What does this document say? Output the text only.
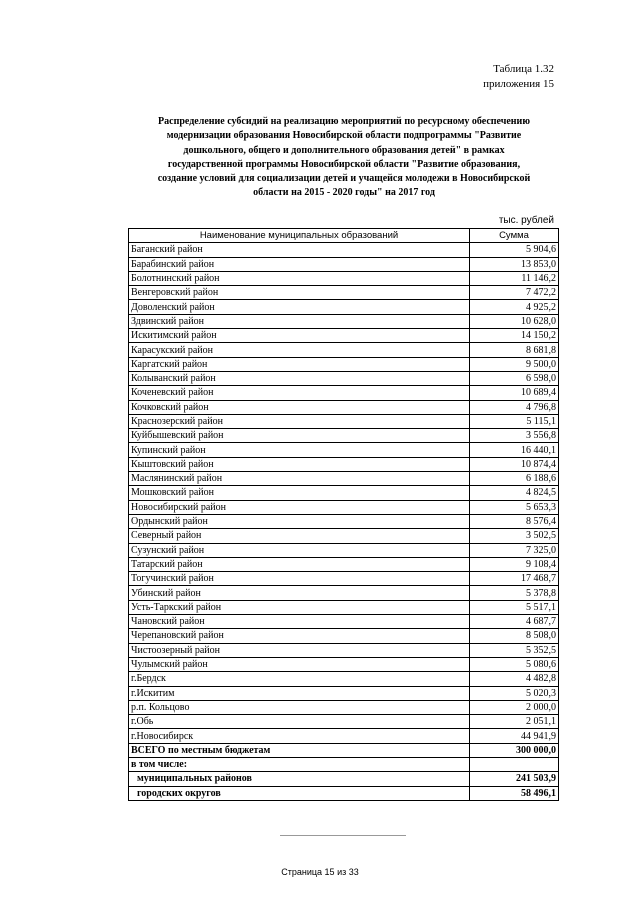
Таблица 1.32
приложения 15
Распределение субсидий на реализацию мероприятий по ресурсному обеспечению
модернизации образования Новосибирской области подпрограммы "Развитие
дошкольного, общего и дополнительного образования детей" в рамках
государственной программы Новосибирской области "Развитие образования,
создание условий для социализации детей и учащейся молодежи в Новосибирской
области на 2015 - 2020 годы" на 2017 год
тыс. рублей
Наименование муниципальных образований	Сумма
Баганский район	5 904,6
Барабинский район	13 853,0
Болотнинский район	11 146,2
Венгеровский район	7 472,2
Доволенский район	4 925,2
Здвинский район	10 628,0
Искитимский район	14 150,2
Карасукский район	8 681,8
Каргатский район	9 500,0
Колыванский район	6 598,0
Коченевский район	10 689,4
Кочковский район	4 796,8
Краснозерский район	5 115,1
Куйбышевский район	3 556,8
Купинский район	16 440,1
Кыштовский район	10 874,4
Маслянинский район	6 188,6
Мошковский район	4 824,5
Новосибирский район	5 653,3
Ордынский район	8 576,4
Северный район	3 502,5
Сузунский район	7 325,0
Татарский район	9 108,4
Тогучинский район	17 468,7
Убинский район	5 378,8
Усть-Таркский район	5 517,1
Чановский район	4 687,7
Черепановский район	8 508,0
Чистоозерный район	5 352,5
Чулымский район	5 080,6
г.Бердск	4 482,8
г.Искитим	5 020,3
р.п. Кольцово	2 000,0
г.Обь	2 051,1
г.Новосибирск	44 941,9
ВСЕГО по местным бюджетам	300 000,0
в том числе:	
муниципальных районов	241 503,9
городских округов	58 496,1
Страница 15 из 33
